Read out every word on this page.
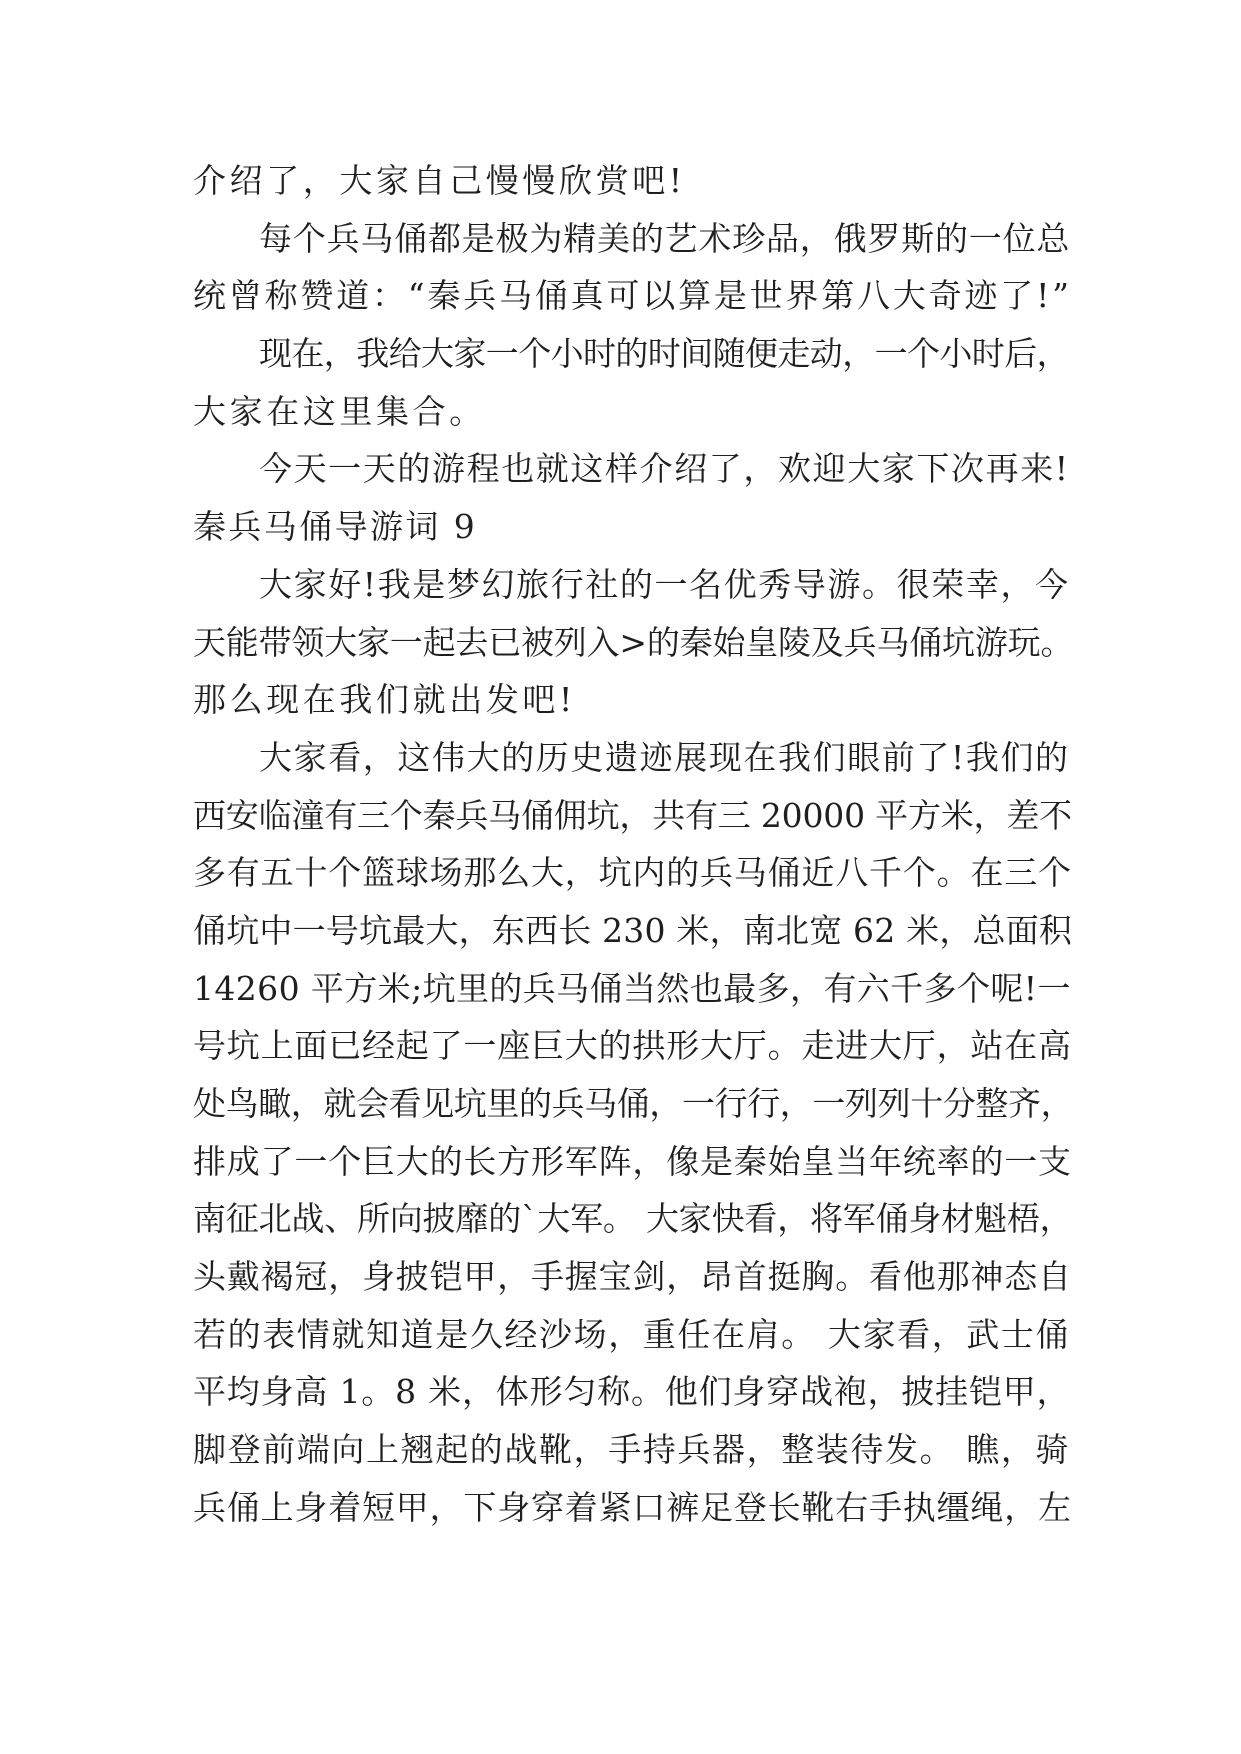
介绍了，大家自己慢慢欣赏吧!
每个兵马俑都是极为精美的艺术珍品，俄罗斯的一位总
统曾称赞道：“秦兵马俑真可以算是世界第八大奇迹了!”
现在，我给大家一个小时的时间随便走动，一个小时后，
大家在这里集合。
今天一天的游程也就这样介绍了，欢迎大家下次再来!
秦兵马俑导游词 9
大家好!我是梦幻旅行社的一名优秀导游。很荣幸，今
天能带领大家一起去已被列入>的秦始皇陵及兵马俑坑游玩。
那么现在我们就出发吧!
大家看，这伟大的历史遗迹展现在我们眼前了!我们的
西安临潼有三个秦兵马俑佣坑，共有三 20000 平方米，差不
多有五十个篮球场那么大，坑内的兵马俑近八千个。在三个
俑坑中一号坑最大，东西长 230 米，南北宽 62 米，总面积
14260 平方米;坑里的兵马俑当然也最多，有六千多个呢!一
号坑上面已经起了一座巨大的拱形大厅。走进大厅，站在高
处鸟瞰，就会看见坑里的兵马俑，一行行，一列列十分整齐，
排成了一个巨大的长方形军阵，像是秦始皇当年统率的一支
南征北战、所向披靡的`大军。 大家快看，将军俑身材魁梧，
头戴褐冠，身披铠甲，手握宝剑，昂首挺胸。看他那神态自
若的表情就知道是久经沙场，重任在肩。 大家看，武士俑
平均身高 1。8 米，体形匀称。他们身穿战袍，披挂铠甲，
脚登前端向上翘起的战靴，手持兵器，整装待发。 瞧，骑
兵俑上身着短甲，下身穿着紧口裤足登长靴右手执缰绳，左
